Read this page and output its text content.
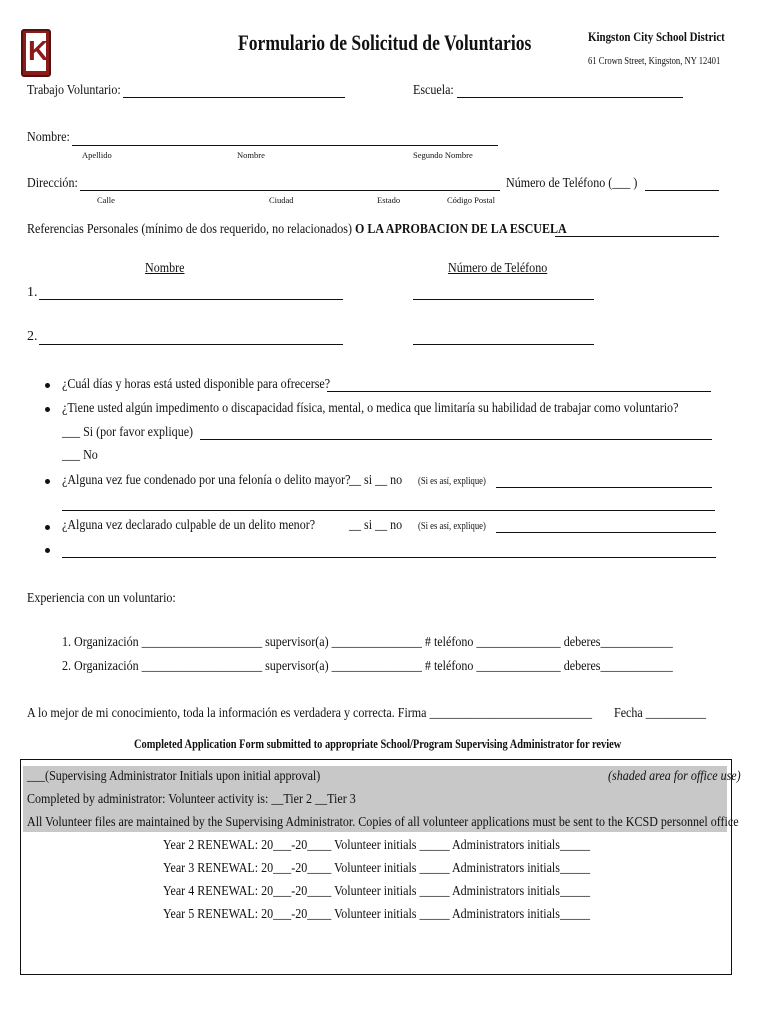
K	Formulario de Solicitud de Voluntarios	Kingston City School District
61 Crown Street, Kingston, NY 12401
Trabajo Voluntario:	Escuela:
Nombre:
Apellido	Nombre	Segundo Nombre
Dirección:	Número de Teléfono (___ )
Calle	Ciudad	Estado	Código Postal
Referencias Personales (mínimo de dos requerido, no relacionados) O LA APROBACION DE LA ESCUELA
Nombre	Número de Teléfono
1.
2.
¿Cuál días y horas está usted disponible para ofrecerse?
¿Tiene usted algún impedimento o discapacidad física, mental, o medica que limitaría su habilidad de trabajar como voluntario?
___ Si (por favor explique)
___ No
¿Alguna vez fue condenado por una felonía o delito mayor?
__ si __ no (Si es así, explique)
¿Alguna vez declarado culpable de un delito menor? __ si __ no (Si es así, explique)
Experiencia con un voluntario:
1. Organización ____________________ supervisor(a) _______________ # teléfono ______________ deberes____________
2. Organización ____________________ supervisor(a) _______________ # teléfono ______________ deberes____________
A lo mejor de mi conocimiento, toda la información es verdadera y correcta. Firma ___________________________ Fecha __________
Completed Application Form submitted to appropriate School/Program Supervising Administrator for review
___(Supervising Administrator Initials upon initial approval)	(shaded area for office use)
Completed by administrator: Volunteer activity is: __Tier 2 __Tier 3
All Volunteer files are maintained by the Supervising Administrator. Copies of all volunteer applications must be sent to the KCSD personnel office
Year 2 RENEWAL: 20___-20____ Volunteer initials _____ Administrators initials_____
Year 3 RENEWAL: 20___-20____ Volunteer initials _____ Administrators initials_____
Year 4 RENEWAL: 20___-20____ Volunteer initials _____ Administrators initials_____
Year 5 RENEWAL: 20___-20____ Volunteer initials _____ Administrators initials_____
